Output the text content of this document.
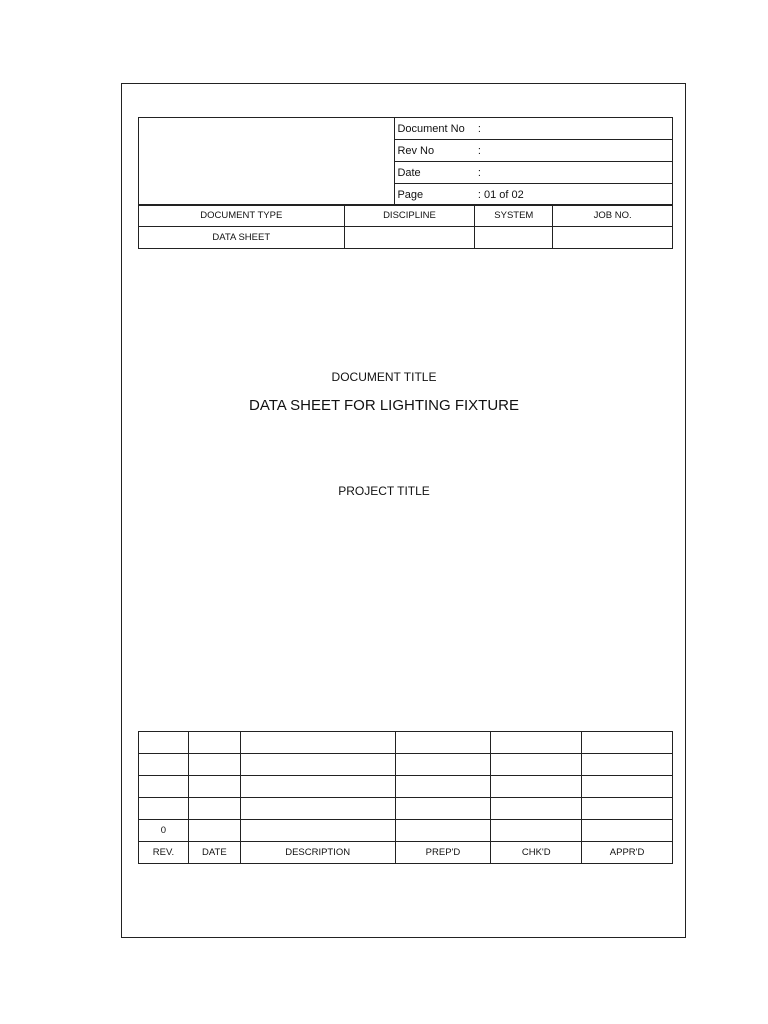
	Document No	:
	Rev No	:
	Date	:
	Page	: 01 of 02
DOCUMENT TYPE	DISCIPLINE	SYSTEM	JOB NO.
DATA SHEET			
DOCUMENT TITLE
DATA SHEET FOR LIGHTING FIXTURE
PROJECT TITLE

0					
REV.	DATE	DESCRIPTION	PREP'D	CHK'D	APPR'D
